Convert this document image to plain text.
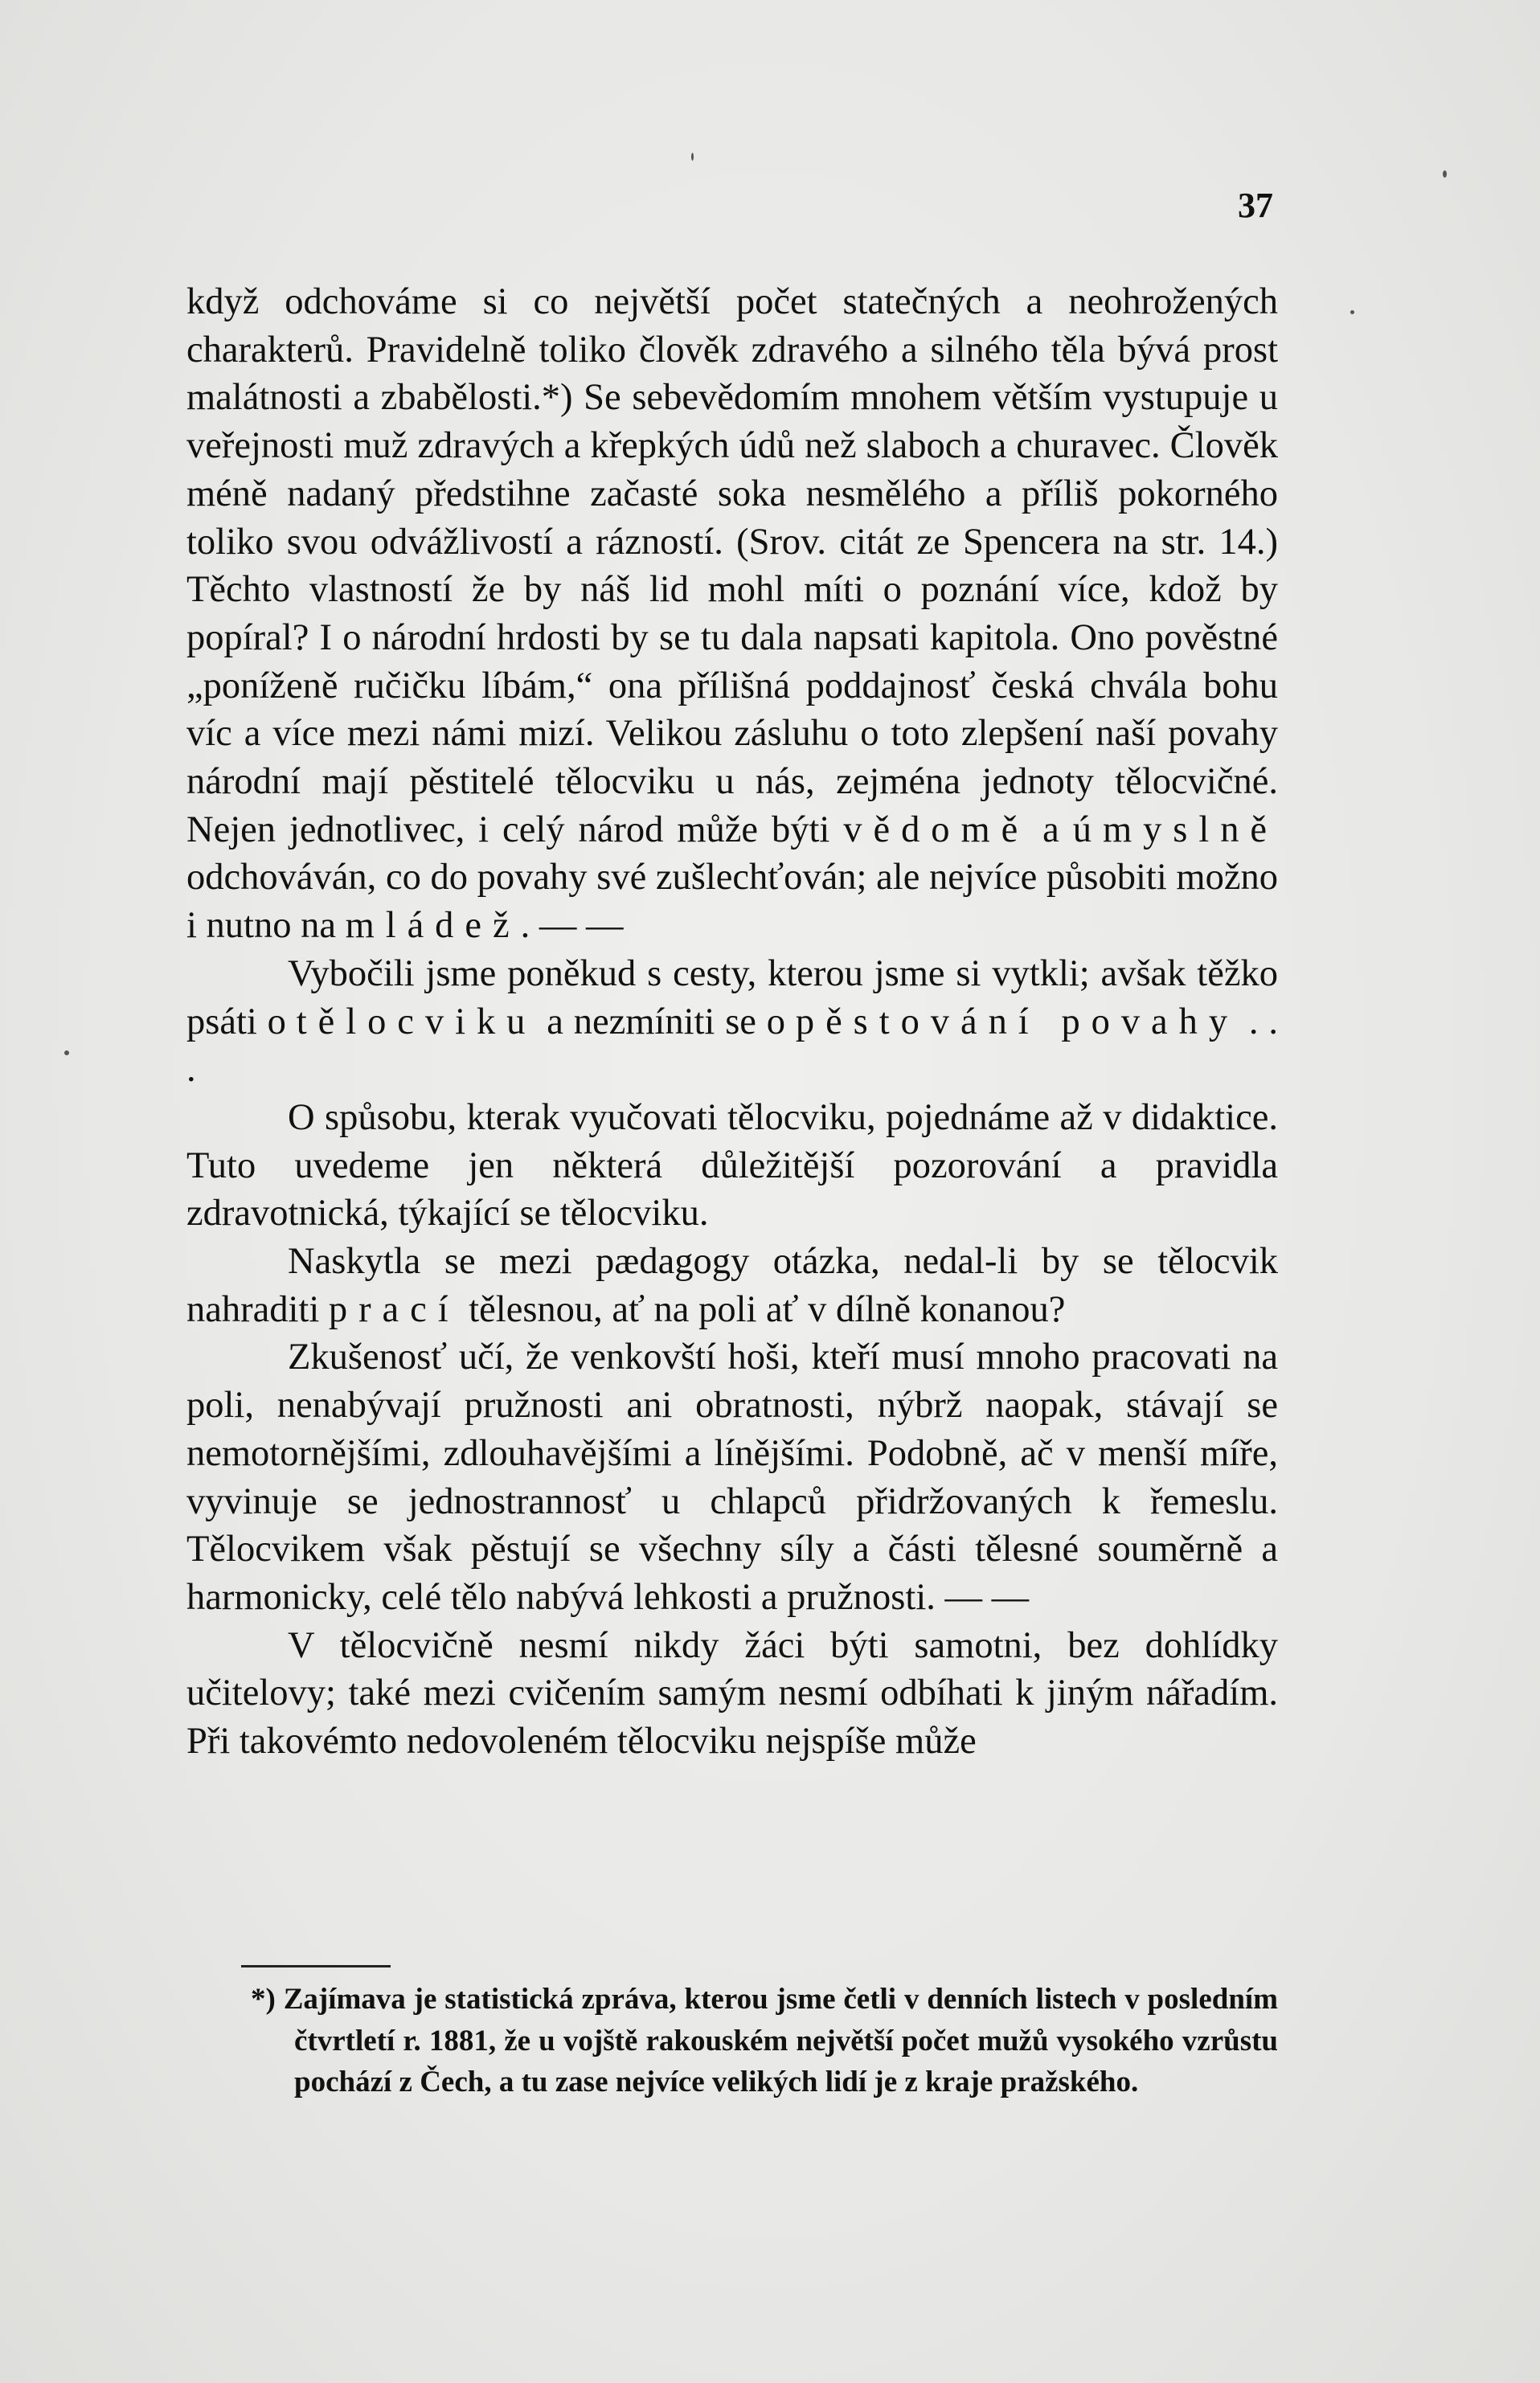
37

když odchováme si co největší počet statečných a neohrožených charakterů. Pravidelně toliko člověk zdravého a silného těla bývá prost malátnosti a zbabělosti.*) Se sebevědomím mnohem větším vystupuje u veřejnosti muž zdravých a křepkých údů než slaboch a churavec. Člověk méně nadaný předstihne začasté soka nesmělého a příliš pokorného toliko svou odvážlivostí a rázností. (Srov. citát ze Spencera na str. 14.) Těchto vlastností že by náš lid mohl míti o poznání více, kdož by popíral? I o národní hrdosti by se tu dala napsati kapitola. Ono pověstné „poníženě ručičku líbám,“ ona přílišná poddajnosť česká chvála bohu víc a více mezi námi mizí. Velikou zásluhu o toto zlepšení naší povahy národní mají pěstitelé tělocviku u nás, zejména jednoty tělocvičné. Nejen jednotlivec, i celý národ může býti vědomě a úmyslně odchováván, co do povahy své zušlechťován; ale nejvíce působiti možno i nutno na mládež. — —

Vybočili jsme poněkud s cesty, kterou jsme si vytkli; avšak těžko psáti o tělocviku a nezmíniti se o pěstování povahy . . .

O spůsobu, kterak vyučovati tělocviku, pojednáme až v didaktice. Tuto uvedeme jen některá důležitější pozorování a pravidla zdravotnická, týkající se tělocviku.

Naskytla se mezi pædagogy otázka, nedal-li by se tělocvik nahraditi prací tělesnou, ať na poli ať v dílně konanou?

Zkušenosť učí, že venkovští hoši, kteří musí mnoho pracovati na poli, nenabývají pružnosti ani obratnosti, nýbrž naopak, stávají se nemotornějšími, zdlouhavějšími a línějšími. Podobně, ač v menší míře, vyvinuje se jednostrannosť u chlapců přidržovaných k řemeslu. Tělocvikem však pěstují se všechny síly a části tělesné souměrně a harmonicky, celé tělo nabývá lehkosti a pružnosti. — —

V tělocvičně nesmí nikdy žáci býti samotni, bez dohlídky učitelovy; také mezi cvičením samým nesmí odbíhati k jiným nářadím. Při takovémto nedovoleném tělocviku nejspíše může

*) Zajímava je statistická zpráva, kterou jsme četli v denních listech v posledním čtvrtletí r. 1881, že u vojště rakouském největší počet mužů vysokého vzrůstu pochází z Čech, a tu zase nejvíce velikých lidí je z kraje pražského.
